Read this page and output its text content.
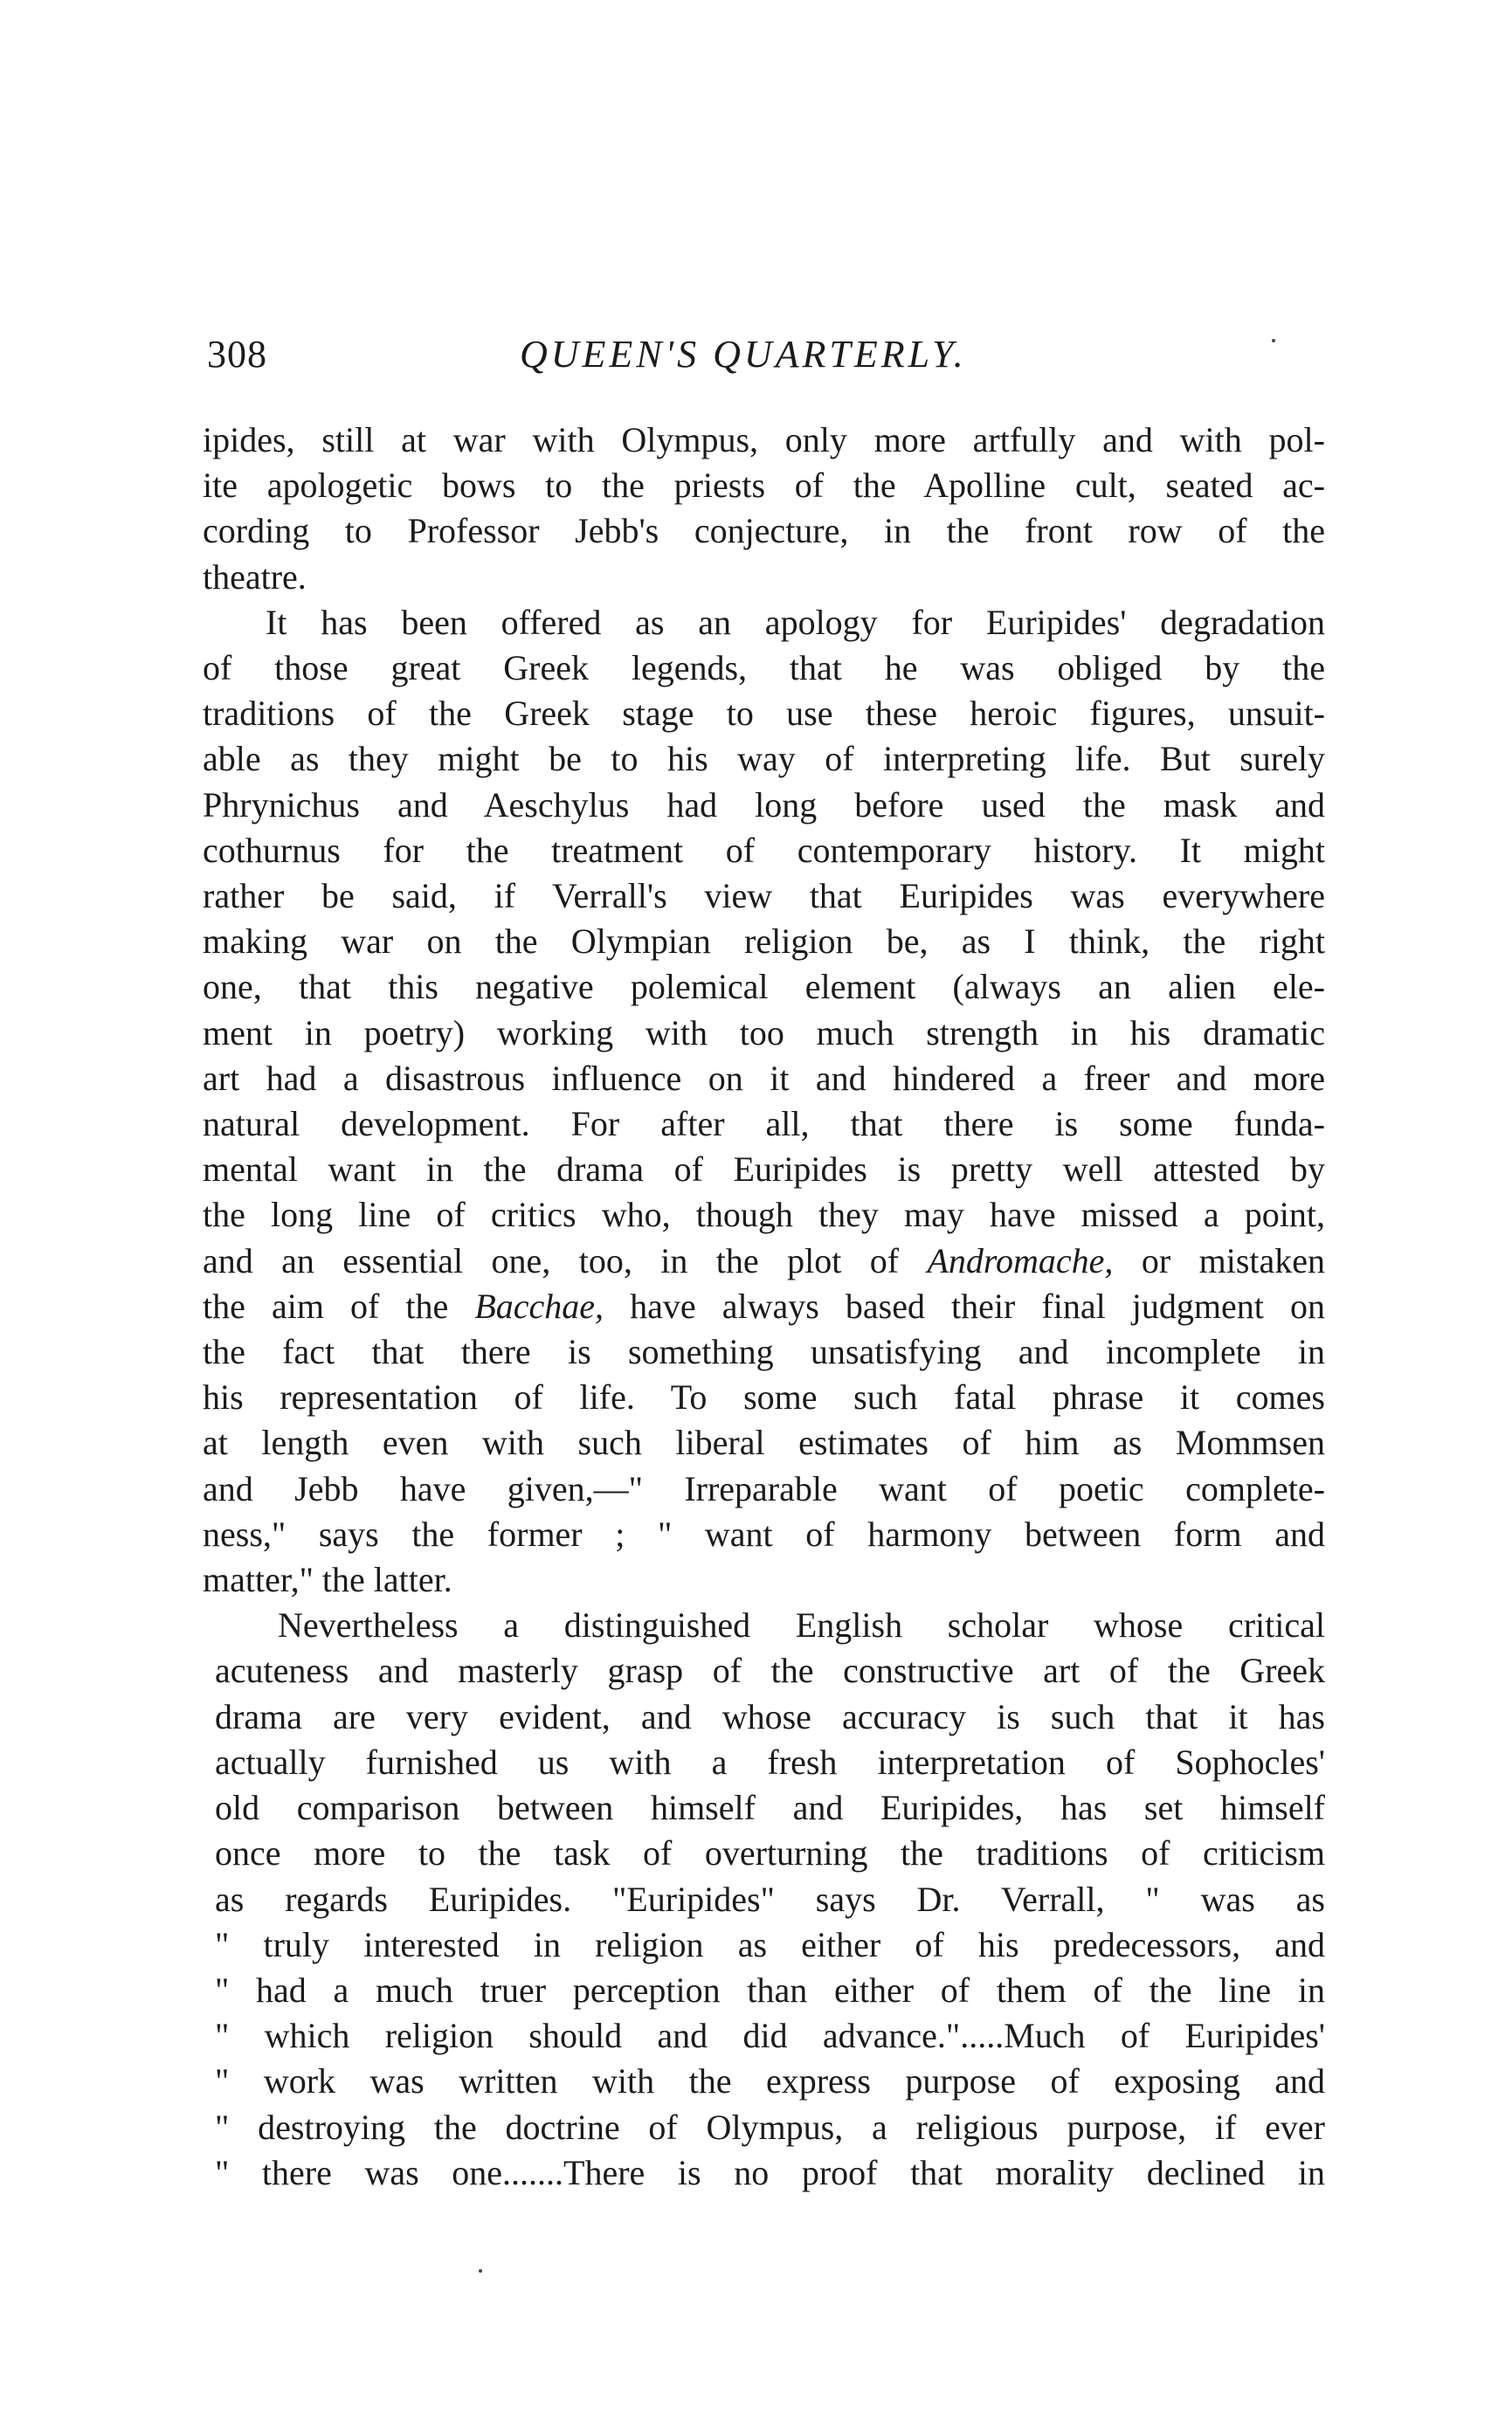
308	QUEEN'S QUARTERLY.
ipides, still at war with Olympus, only more artfully and with pol-
ite apologetic bows to the priests of the Apolline cult, seated ac-
cording to Professor Jebb's conjecture, in the front row of the
theatre.
It has been offered as an apology for Euripides' degradation
of those great Greek legends, that he was obliged by the
traditions of the Greek stage to use these heroic figures, unsuit-
able as they might be to his way of interpreting life. But surely
Phrynichus and Aeschylus had long before used the mask and
cothurnus for the treatment of contemporary history. It might
rather be said, if Verrall's view that Euripides was everywhere
making war on the Olympian religion be, as I think, the right
one, that this negative polemical element (always an alien ele-
ment in poetry) working with too much strength in his dramatic
art had a disastrous influence on it and hindered a freer and more
natural development. For after all, that there is some funda-
mental want in the drama of Euripides is pretty well attested by
the long line of critics who, though they may have missed a point,
and an essential one, too, in the plot of Andromache, or mistaken
the aim of the Bacchae, have always based their final judgment on
the fact that there is something unsatisfying and incomplete in
his representation of life. To some such fatal phrase it comes
at length even with such liberal estimates of him as Mommsen
and Jebb have given,—" Irreparable want of poetic complete-
ness," says the former ; " want of harmony between form and
matter," the latter.
Nevertheless a distinguished English scholar whose critical
acuteness and masterly grasp of the constructive art of the Greek
drama are very evident, and whose accuracy is such that it has
actually furnished us with a fresh interpretation of Sophocles'
old comparison between himself and Euripides, has set himself
once more to the task of overturning the traditions of criticism
as regards Euripides. "Euripides" says Dr. Verrall, " was as
" truly interested in religion as either of his predecessors, and
" had a much truer perception than either of them of the line in
" which religion should and did advance.".....Much of Euripides'
" work was written with the express purpose of exposing and
" destroying the doctrine of Olympus, a religious purpose, if ever
" there was one.......There is no proof that morality declined in
